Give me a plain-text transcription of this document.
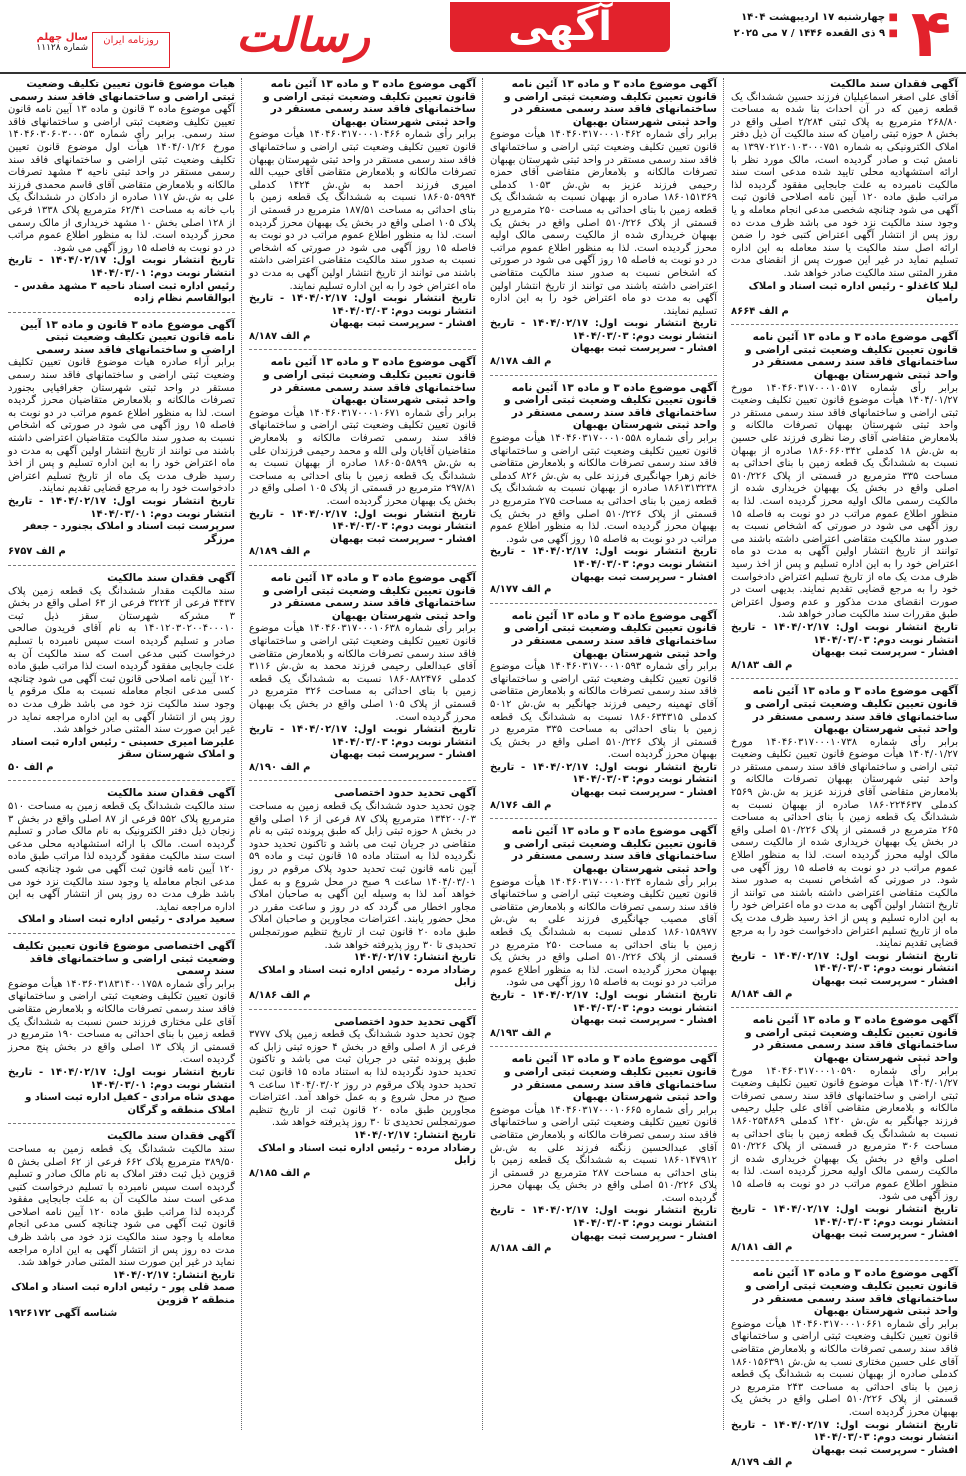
۴
■ چهارشنبه ۱۷ اردیبهشت ۱۴۰۴
■ ۹ ذی القعده ۱۴۴۶ / ۷ می ۲۰۲۵
آگهی
رسالت
روزنامه ایران
سال چهلم
شماره ۱۱۱۲۸
آگهی فقدان سند مالکیت
آقای علی اصغر اسماعیلیان فرزند حسین ششدانگ یک قطعه زمین که در آن احداث بنا شده به مساحت ۲۶۸/۸۰ مترمربع به پلاک ثبتی ۲/۲۸۴ اصلی واقع در بخش ۸ حوزه ثبتی رامیان که سند مالکیت آن ذیل دفتر املاک الکترونیکی به شماره ۱۳۹۷۰۲۱۲۰۱۰۳۰۰۰۷۵۱ به نامش ثبت و صادر گردیده است، مالک مورد نظر با ارائه استشهادیه محلی تایید شده مدعی است سند مالکیت نامبرده به علت جابجایی مفقود گردیده لذا مراتب طبق ماده ۱۲۰ آیین نامه اصلاحی قانون ثبت آگهی می شود چنانچه شخصی مدعی انجام معامله و یا وجود سند مالکیت نزد خود می باشد ظرف مدت ده روز پس از انتشار آگهی اعتراض کتبی خود را ضمن ارائه اصل سند مالکیت یا سند معامله به این اداره تسلیم نماید در غیر این صورت پس از انقضای مدت مقرر المثنی سند مالکیت صادر خواهد شد.
لیلا کاغذلو - رئیس اداره ثبت اسناد و املاک رامیان
م الف ۸۶۶۴
آگهی موضوع ماده ۳ و ماده ۱۳ آئین نامه قانون تعیین تکلیف وضعیت ثبتی اراضی و ساختمانهای فاقد سند رسمی مستقر در واحد ثبتی شهرستان بهبهان
برابر رأی شماره ۱۴۰۴۶۰۳۱۷۰۰۰۱۰۵۱۷ مورخ ۱۴۰۴/۰۱/۲۷ هیأت موضوع قانون تعیین تکلیف وضعیت ثبتی اراضی و ساختمانهای فاقد سند رسمی مستقر در واحد ثبتی شهرستان بهبهان تصرفات مالکانه و بلامعارض متقاضی آقای رضا نظری فرزند علی حسین به ش.ش ۱۸ کدملی ۱۸۶۰۶۶۰۳۴۲ صادره از بهبهان نسبت به ششدانگ یک قطعه زمین با بنای احداثی به مساحت ۳۳۵ مترمربع در قسمتی از پلاک ۵۱۰/۲۲۶ اصلی واقع در بخش یک بهبهان خریداری شده از مالکیت رسمی مالک اولیه محرز گردیده است. لذا به منظور اطلاع عموم مراتب در دو نوبت به فاصله ۱۵ روز آگهی می شود در صورتی که اشخاص نسبت به صدور سند مالکیت متقاضی اعتراضی داشته باشند می توانند از تاریخ انتشار اولین آگهی به مدت دو ماه اعتراض خود را به این اداره تسلیم و پس از اخذ رسید ظرف مدت یک ماه از تاریخ تسلیم اعتراض دادخواست خود را به مرجع قضایی تقدیم نمایند. بدیهی است در صورت انقضای مدت مذکور و عدم وصول اعتراض طبق مقررات سند مالکیت صادر خواهد شد.
تاریخ انتشار نوبت اول: ۱۴۰۴/۰۲/۱۷ - تاریخ انتشار نوبت دوم: ۱۴۰۴/۰۳/۰۳
افشار - سرپرست ثبت بهبهان
م الف ۸/۱۸۳
آگهی موضوع ماده ۳ و ماده ۱۳ آئین نامه قانون تعیین تکلیف وضعیت ثبتی اراضی و ساختمانهای فاقد سند رسمی مستقر در واحد ثبتی شهرستان بهبهان
برابر رأی شماره ۱۴۰۴۶۰۳۱۷۰۰۰۱۰۷۳۸ مورخ ۱۴۰۴/۰۱/۲۷ هیأت موضوع قانون تعیین تکلیف وضعیت ثبتی اراضی و ساختمانهای فاقد سند رسمی مستقر در واحد ثبتی شهرستان بهبهان تصرفات مالکانه و بلامعارض متقاضی آقای فرزند عزیز به ش.ش ۲۵۶۹ کدملی ۱۸۶۰۲۲۴۶۳۷ صادره از بهبهان نسبت به ششدانگ یک قطعه زمین با بنای احداثی به مساحت ۲۶۵ مترمربع در قسمتی از پلاک ۵۱۰/۲۲۶ اصلی واقع در بخش یک بهبهان خریداری شده از مالکیت رسمی مالک اولیه محرز گردیده است. لذا به منظور اطلاع عموم مراتب در دو نوبت به فاصله ۱۵ روز آگهی می شود. در صورتی که اشخاص نسبت به صدور سند مالکیت متقاضی اعتراضی داشته باشند می توانند از تاریخ انتشار اولین آگهی به مدت دو ماه اعتراض خود را به این اداره تسلیم و پس از اخذ رسید ظرف مدت یک ماه از تاریخ تسلیم اعتراض دادخواست خود را به مرجع قضایی تقدیم نمایند.
تاریخ انتشار نوبت اول: ۱۴۰۴/۰۲/۱۷ - تاریخ انتشار نوبت دوم: ۱۴۰۴/۰۳/۰۳
افشار - سرپرست ثبت بهبهان
م الف ۸/۱۸۴
آگهی موضوع ماده ۳ و ماده ۱۳ آئین نامه قانون تعیین تکلیف وضعیت ثبتی اراضی و ساختمانهای فاقد سند رسمی مستقر در واحد ثبتی شهرستان بهبهان
برابر رأی شماره ۱۴۰۴۶۰۳۱۷۰۰۰۱۰۵۹۰ مورخ ۱۴۰۴/۰۱/۲۷ هیأت موضوع قانون تعیین تکلیف وضعیت ثبتی اراضی و ساختمانهای فاقد سند رسمی تصرفات مالکانه و بلامعارض متقاضی آقای علی جلیل رحیمی فرزند جهانگیر به ش.ش ۱۴۲۰ کدملی ۱۸۶۰۲۵۴۸۶۹ نسبت به ششدانگ یک قطعه زمین با بنای احداثی به مساحت ۳۰۶ مترمربع در قسمتی از پلاک ۵۱۰/۲۲۶ اصلی واقع در بخش یک بهبهان خریداری شده از مالکیت رسمی مالک اولیه محرز گردیده است. لذا به منظور اطلاع عموم مراتب در دو نوبت به فاصله ۱۵ روز آگهی می شود.
تاریخ انتشار نوبت اول: ۱۴۰۴/۰۲/۱۷ - تاریخ انتشار نوبت دوم: ۱۴۰۴/۰۳/۰۳
افشار - سرپرست ثبت بهبهان
م الف ۸/۱۸۱
آگهی موضوع ماده ۳ و ماده ۱۳ آئین نامه قانون تعیین تکلیف وضعیت ثبتی اراضی و ساختمانهای فاقد سند رسمی مستقر در واحد ثبتی شهرستان بهبهان
برابر رأی شماره ۱۴۰۴۶۰۳۱۷۰۰۰۱۰۶۶۱ هیأت موضوع قانون تعیین تکلیف وضعیت ثبتی اراضی و ساختمانهای فاقد سند رسمی تصرفات مالکانه و بلامعارض متقاضی آقای علی حسین مختاری نسب به ش.ش ۱۸۶۰۱۵۶۳۹۱ کدملی صادره از بهبهان نسبت به ششدانگ یک قطعه زمین با بنای احداثی به مساحت ۲۴۳ مترمربع در قسمتی از پلاک ۵۱۰/۲۲۶ اصلی واقع در بخش یک بهبهان محرز گردیده است.
تاریخ انتشار نوبت اول: ۱۴۰۴/۰۲/۱۷ - تاریخ انتشار نوبت دوم: ۱۴۰۴/۰۳/۰۳
افشار - سرپرست ثبت بهبهان
م الف ۸/۱۷۹
آگهی موضوع ماده ۳ و ماده ۱۳ آئین نامه قانون تعیین تکلیف وضعیت ثبتی اراضی و ساختمانهای فاقد سند رسمی مستقر در واحد ثبتی شهرستان بهبهان
برابر رأی شماره ۱۴۰۴۶۰۳۱۷۰۰۰۱۰۴۶۲ هیأت موضوع قانون تعیین تکلیف وضعیت ثبتی اراضی و ساختمانهای فاقد سند رسمی مستقر در واحد ثبتی شهرستان بهبهان تصرفات مالکانه و بلامعارض متقاضی آقای حمزه رحیمی فرزند عزیز به ش.ش ۱۰۵۳ کدملی ۱۸۶۰۱۵۱۳۶۹ صادره از بهبهان نسبت به ششدانگ یک قطعه زمین با بنای احداثی به مساحت ۲۵۰ مترمربع در قسمتی از پلاک ۵۱۰/۲۲۶ اصلی واقع در بخش یک بهبهان خریداری شده از مالکیت رسمی مالک اولیه محرز گردیده است. لذا به منظور اطلاع عموم مراتب در دو نوبت به فاصله ۱۵ روز آگهی می شود در صورتی که اشخاص نسبت به صدور سند مالکیت متقاضی اعتراضی داشته باشند می توانند از تاریخ انتشار اولین آگهی به مدت دو ماه اعتراض خود را به این اداره تسلیم نمایند.
تاریخ انتشار نوبت اول: ۱۴۰۴/۰۲/۱۷ - تاریخ انتشار نوبت دوم: ۱۴۰۴/۰۳/۰۳
افشار - سرپرست ثبت بهبهان
م الف ۸/۱۷۸
آگهی موضوع ماده ۳ و ماده ۱۳ آئین نامه قانون تعیین تکلیف وضعیت ثبتی اراضی و ساختمانهای فاقد سند رسمی مستقر در واحد ثبتی شهرستان بهبهان
برابر رأی شماره ۱۴۰۴۶۰۳۱۷۰۰۰۱۰۵۵۸ هیأت موضوع قانون تعیین تکلیف وضعیت ثبتی اراضی و ساختمانهای فاقد سند رسمی تصرفات مالکانه و بلامعارض متقاضی خانم زهرا جهانگیری فرزند علی به ش.ش ۸۲۶ کدملی ۱۸۶۱۳۱۳۲۳۸ صادره از بهبهان نسبت به ششدانگ یک قطعه زمین با بنای احداثی به مساحت ۲۷۵ مترمربع در قسمتی از پلاک ۵۱۰/۲۲۶ اصلی واقع در بخش یک بهبهان محرز گردیده است. لذا به منظور اطلاع عموم مراتب در دو نوبت به فاصله ۱۵ روز آگهی می شود.
تاریخ انتشار نوبت اول: ۱۴۰۴/۰۲/۱۷ - تاریخ انتشار نوبت دوم: ۱۴۰۴/۰۳/۰۳
افشار - سرپرست ثبت بهبهان
م الف ۸/۱۷۷
آگهی موضوع ماده ۳ و ماده ۱۳ آئین نامه قانون تعیین تکلیف وضعیت ثبتی اراضی و ساختمانهای فاقد سند رسمی مستقر در واحد ثبتی شهرستان بهبهان
برابر رأی شماره ۱۴۰۴۶۰۳۱۷۰۰۰۱۰۵۹۳ هیأت موضوع قانون تعیین تکلیف وضعیت ثبتی اراضی و ساختمانهای فاقد سند رسمی تصرفات مالکانه و بلامعارض متقاضی آقای تهمینه رحیمی فرزند جهانگیر به ش.ش ۵۰۱۲ کدملی ۱۸۶۰۶۳۴۳۱۵ نسبت به ششدانگ یک قطعه زمین با بنای احداثی به مساحت ۳۳۵ مترمربع در قسمتی از پلاک ۵۱۰/۲۲۶ اصلی واقع در بخش یک بهبهان محرز گردیده است.
تاریخ انتشار نوبت اول: ۱۴۰۴/۰۲/۱۷ - تاریخ انتشار نوبت دوم: ۱۴۰۴/۰۳/۰۳
افشار - سرپرست ثبت بهبهان
م الف ۸/۱۷۶
آگهی موضوع ماده ۳ و ماده ۱۳ آئین نامه قانون تعیین تکلیف وضعیت ثبتی اراضی و ساختمانهای فاقد سند رسمی مستقر در واحد ثبتی شهرستان بهبهان
برابر رأی شماره ۱۴۰۴۶۰۳۱۷۰۰۰۱۰۴۲۴ هیأت موضوع قانون تعیین تکلیف وضعیت ثبتی اراضی و ساختمانهای فاقد سند رسمی تصرفات مالکانه و بلامعارض متقاضی آقای مصیب جهانگیری فرزند علی به ش.ش ۱۸۶۰۱۵۸۹۷۷ کدملی نسبت به ششدانگ یک قطعه زمین با بنای احداثی به مساحت ۲۵۰ مترمربع در قسمتی از پلاک ۵۱۰/۲۲۶ اصلی واقع در بخش یک بهبهان محرز گردیده است. لذا به منظور اطلاع عموم مراتب در دو نوبت به فاصله ۱۵ روز آگهی می شود.
تاریخ انتشار نوبت اول: ۱۴۰۴/۰۲/۱۷ - تاریخ انتشار نوبت دوم: ۱۴۰۴/۰۳/۰۳
افشار - سرپرست ثبت بهبهان
م الف ۸/۱۹۳
آگهی موضوع ماده ۳ و ماده ۱۳ آئین نامه قانون تعیین تکلیف وضعیت ثبتی اراضی و ساختمانهای فاقد سند رسمی مستقر در واحد ثبتی شهرستان بهبهان
برابر رأی شماره ۱۴۰۴۶۰۳۱۷۰۰۰۱۰۶۶۵ هیأت موضوع قانون تعیین تکلیف وضعیت ثبتی اراضی و ساختمانهای فاقد سند رسمی تصرفات مالکانه و بلامعارض متقاضی آقای عبدالحسین زنگنه فرزند علی به ش.ش ۱۸۶۰۱۴۷۹۱۲ نسبت به ششدانگ یک قطعه زمین با بنای احداثی به مساحت ۲۸۷ مترمربع در قسمتی از پلاک ۵۱۰/۲۲۶ اصلی واقع در بخش یک بهبهان محرز گردیده است.
تاریخ انتشار نوبت اول: ۱۴۰۴/۰۲/۱۷ - تاریخ انتشار نوبت دوم: ۱۴۰۴/۰۳/۰۳
افشار - سرپرست ثبت بهبهان
م الف ۸/۱۸۸
آگهی موضوع ماده ۳ و ماده ۱۳ آئین نامه قانون تعیین تکلیف وضعیت ثبتی اراضی و ساختمانهای فاقد سند رسمی مستقر در واحد ثبتی شهرستان بهبهان
برابر رأی شماره ۱۴۰۴۶۰۳۱۷۰۰۰۱۰۴۶۶ هیأت موضوع قانون تعیین تکلیف وضعیت ثبتی اراضی و ساختمانهای فاقد سند رسمی مستقر در واحد ثبتی شهرستان بهبهان تصرفات مالکانه و بلامعارض متقاضی آقای حبیب الله امیری فرزند احمد به ش.ش ۱۴۲۴ کدملی ۱۸۶۰۵۰۵۹۹۴ نسبت به ششدانگ یک قطعه زمین با بنای احداثی به مساحت ۱۸۷/۵۱ مترمربع در قسمتی از پلاک ۱۰۵ اصلی واقع در بخش یک بهبهان محرز گردیده است. لذا به منظور اطلاع عموم مراتب در دو نوبت به فاصله ۱۵ روز آگهی می شود در صورتی که اشخاص نسبت به صدور سند مالکیت متقاضی اعتراضی داشته باشند می توانند از تاریخ انتشار اولین آگهی به مدت دو ماه اعتراض خود را به این اداره تسلیم نمایند.
تاریخ انتشار نوبت اول: ۱۴۰۴/۰۲/۱۷ - تاریخ انتشار نوبت دوم: ۱۴۰۴/۰۳/۰۳
افشار - سرپرست ثبت بهبهان
م الف ۸/۱۸۷
آگهی موضوع ماده ۳ و ماده ۱۳ آئین نامه قانون تعیین تکلیف وضعیت ثبتی اراضی و ساختمانهای فاقد سند رسمی مستقر در واحد ثبتی شهرستان بهبهان
برابر رأی شماره ۱۴۰۴۶۰۳۱۷۰۰۰۱۰۶۷۱ هیأت موضوع قانون تعیین تکلیف وضعیت ثبتی اراضی و ساختمانهای فاقد سند رسمی تصرفات مالکانه و بلامعارض متقاضیان آقایان ولی الله و محمد رحیمی فرزندان علی به ش.ش ۱۸۶۰۵۰۵۸۹۹ صادره از بهبهان نسبت به ششدانگ یک قطعه زمین با بنای احداثی به مساحت ۲۹۷/۸۱ مترمربع در قسمتی از پلاک ۱۰۵ اصلی واقع در بخش یک بهبهان محرز گردیده است.
تاریخ انتشار نوبت اول: ۱۴۰۴/۰۲/۱۷ - تاریخ انتشار نوبت دوم: ۱۴۰۴/۰۳/۰۳
افشار - سرپرست ثبت بهبهان
م الف ۸/۱۸۹
آگهی موضوع ماده ۳ و ماده ۱۳ آئین نامه قانون تعیین تکلیف وضعیت ثبتی اراضی و ساختمانهای فاقد سند رسمی مستقر در واحد ثبتی شهرستان بهبهان
برابر رأی شماره ۱۴۰۴۶۰۳۱۷۰۰۰۱۰۶۳۸ هیأت موضوع قانون تعیین تکلیف وضعیت ثبتی اراضی و ساختمانهای فاقد سند رسمی تصرفات مالکانه و بلامعارض متقاضی آقای عبدالعلی رحیمی فرزند محمد به ش.ش ۳۱۱۶ کدملی ۱۸۶۰۸۸۲۴۷۶ نسبت به ششدانگ یک قطعه زمین با بنای احداثی به مساحت ۳۲۶ مترمربع در قسمتی از پلاک ۱۰۵ اصلی واقع در بخش یک بهبهان محرز گردیده است.
تاریخ انتشار نوبت اول: ۱۴۰۴/۰۲/۱۷ - تاریخ انتشار نوبت دوم: ۱۴۰۴/۰۳/۰۳
افشار - سرپرست ثبت بهبهان
م الف ۸/۱۹۰
آگهی تحدید حدود اختصاصی
چون تحدید حدود ششدانگ یک قطعه زمین به مساحت ۱۳۴۲۰۰/۰۳ مترمربع پلاک ۸۷ فرعی از ۱۶ اصلی واقع در بخش ۸ حوزه ثبتی زابل که طبق پرونده ثبتی به نام متقاضی در جریان ثبت می باشد و تاکنون تحدید حدود نگردیده لذا به استناد ماده ۱۵ قانون ثبت و ماده ۵۹ آیین نامه قانون ثبت تحدید حدود پلاک مرقوم در روز ۱۴۰۴/۰۳/۰۱ ساعت ۹ صبح در محل شروع و به عمل خواهد آمد لذا به وسیله این آگهی به صاحبان املاک مجاور اخطار می گردد که در روز و ساعت مقرر در محل حضور یابند. اعتراضات مجاورین و صاحبان املاک طبق ماده ۲۰ قانون ثبت از تاریخ تنظیم صورتمجلس تحدیدی تا ۳۰ روز پذیرفته خواهد شد.
تاریخ انتشار: ۱۴۰۴/۰۲/۱۷
رضاداد مرده - رئیس اداره ثبت اسناد و املاک زابل
م الف ۸/۱۸۶
آگهی تحدید حدود اختصاصی
چون تحدید حدود ششدانگ یک قطعه زمین پلاک ۳۷۷۷ فرعی از ۸ اصلی واقع در بخش ۴ حوزه ثبتی زابل که طبق پرونده ثبتی در جریان ثبت می باشد و تاکنون تحدید حدود نگردیده لذا به استناد ماده ۱۵ قانون ثبت تحدید حدود پلاک مرقوم در روز ۱۴۰۴/۰۳/۰۲ ساعت ۹ صبح در محل شروع و به عمل خواهد آمد. اعتراضات مجاورین طبق ماده ۲۰ قانون ثبت از تاریخ تنظیم صورتمجلس تحدیدی تا ۳۰ روز پذیرفته خواهد شد.
تاریخ انتشار: ۱۴۰۴/۰۲/۱۷
رضاداد مرده - رئیس اداره ثبت اسناد و املاک زابل
م الف ۸/۱۸۵
هیات موضوع قانون تعیین تکلیف وضعیت ثبتی اراضی و ساختمانهای فاقد سند رسمی
آگهی موضوع ماده ۳ قانون و ماده ۱۳ آیین نامه قانون تعیین تکلیف وضعیت ثبتی اراضی و ساختمانهای فاقد سند رسمی. برابر رأی شماره ۱۴۰۴۶۰۳۰۶۰۳۰۰۰۵۳ مورخ ۱۴۰۴/۰۱/۲۶ هیأت اول موضوع قانون تعیین تکلیف وضعیت ثبتی اراضی و ساختمانهای فاقد سند رسمی مستقر در واحد ثبتی ناحیه ۳ مشهد تصرفات مالکانه و بلامعارض متقاضی آقای قاسم محمدی فرزند علی به ش.ش ۱۱۷ صادره از دادکان در ششدانگ یک باب خانه به مساحت ۶۲/۴۱ مترمربع پلاک ۱۳۳۸ فرعی از ۱۲۸ اصلی بخش ۱۰ مشهد خریداری از مالک رسمی محرز گردیده است. لذا به منظور اطلاع عموم مراتب در دو نوبت به فاصله ۱۵ روز آگهی می شود.
تاریخ انتشار نوبت اول: ۱۴۰۴/۰۲/۱۷ - تاریخ انتشار نوبت دوم: ۱۴۰۴/۰۳/۰۱
رئیس اداره ثبت اسناد ناحیه ۳ مشهد مقدس - ابوالقاسم نظام زاده
آگهی موضوع ماده ۳ قانون و ماده ۱۳ آیین نامه قانون تعیین تکلیف وضعیت ثبتی اراضی و ساختمانهای فاقد سند رسمی
برابر آراء صادره هیات موضوع قانون تعیین تکلیف وضعیت ثبتی اراضی و ساختمانهای فاقد سند رسمی مستقر در واحد ثبتی شهرستان جغرافیایی بجنورد تصرفات مالکانه و بلامعارض متقاضیان محرز گردیده است. لذا به منظور اطلاع عموم مراتب در دو نوبت به فاصله ۱۵ روز آگهی می شود در صورتی که اشخاص نسبت به صدور سند مالکیت متقاضیان اعتراضی داشته باشند می توانند از تاریخ انتشار اولین آگهی به مدت دو ماه اعتراض خود را به این اداره تسلیم و پس از اخذ رسید ظرف مدت یک ماه از تاریخ تسلیم اعتراض دادخواست خود را به مرجع قضایی تقدیم نمایند.
تاریخ انتشار نوبت اول: ۱۴۰۴/۰۲/۱۷ - تاریخ انتشار نوبت دوم: ۱۴۰۴/۰۳/۰۱
سرپرست ثبت اسناد و املاک بجنورد - جعفر مرزگر
م الف ۶۷۵۷
آگهی فقدان سند مالکیت
سند مالکیت مقدار ششدانگ یک قطعه زمین پلاک ۴۴۳۷ فرعی از ۳۲۲۴ فرعی از ۶۳ اصلی واقع در بخش ۳ مشرکه شهرستان سقز ذیل ثبت ۱۴۰۱۲۰۳۰۲۰۰۴۰۰۰۱۰ به نام آقای فریدون صالحی صادر و تسلیم گردیده است سپس نامبرده با تسلیم درخواست کتبی مدعی است که سند مالکیت آن به علت جابجایی مفقود گردیده است لذا مراتب طبق ماده ۱۲۰ آیین نامه اصلاحی قانون ثبت آگهی می شود چنانچه کسی مدعی انجام معامله نسبت به ملک مرقوم یا وجود سند مالکیت نزد خود می باشد ظرف مدت ده روز پس از انتشار آگهی به این اداره مراجعه نماید در غیر این صورت سند المثنی صادر خواهد شد.
علیرضا امیری حسینی - رئیس اداره ثبت اسناد و املاک شهرستان سقز
م الف ۵۰
آگهی فقدان سند مالکیت
سند مالکیت ششدانگ یک قطعه زمین به مساحت ۵۱۰ مترمربع پلاک ۵۵۲ فرعی از ۸۷ اصلی واقع در بخش ۳ زنجان ذیل دفتر الکترونیک به نام مالک صادر و تسلیم گردیده است. مالک با ارائه استشهادیه محلی مدعی است سند مالکیت مفقود گردیده لذا مراتب طبق ماده ۱۲۰ آیین نامه قانون ثبت آگهی می شود چنانچه کسی مدعی انجام معامله یا وجود سند مالکیت نزد خود می باشد ظرف مدت ده روز پس از انتشار آگهی به این اداره مراجعه نماید.
سعید مرادی - رئیس اداره ثبت اسناد و املاک
آگهی اختصاصی موضوع قانون تعیین تکلیف وضعیت ثبتی اراضی و ساختمانهای فاقد سند رسمی
برابر رأی شماره ۱۴۰۳۶۰۳۱۸۳۱۴۰۰۱۷۵۸ هیأت موضوع قانون تعیین تکلیف وضعیت ثبتی اراضی و ساختمانهای فاقد سند رسمی تصرفات مالکانه و بلامعارض متقاضی آقای علی مختاری فرزند حسن نسبت به ششدانگ یک قطعه زمین با بنای احداثی به مساحت ۱۹۰ مترمربع در قسمتی از پلاک ۱۳ اصلی واقع در بخش پنج محرز گردیده است.
تاریخ انتشار نوبت اول: ۱۴۰۴/۰۲/۱۷ - تاریخ انتشار نوبت دوم: ۱۴۰۴/۰۳/۰۱
مهدی شاه مرادی - کفیل اداره ثبت اسناد و املاک منطقه و گرگان
آگهی فقدان سند مالکیت
سند مالکیت ششدانگ یک قطعه زمین به مساحت ۳۸۹/۵۰ مترمربع پلاک ۶۶۲ فرعی از ۶۲ اصلی بخش ۵ قزوین ذیل ثبت دفتر املاک به نام مالک صادر و تسلیم گردیده است سپس نامبرده با تسلیم درخواست کتبی مدعی است سند مالکیت آن به علت جابجایی مفقود گردیده لذا مراتب طبق ماده ۱۲۰ آیین نامه اصلاحی قانون ثبت آگهی می شود چنانچه کسی مدعی انجام معامله یا وجود سند مالکیت نزد خود می باشد ظرف مدت ده روز پس از انتشار آگهی به این اداره مراجعه نماید در غیر این صورت سند المثنی صادر خواهد شد.
تاریخ انتشار: ۱۴۰۴/۰۲/۱۷
صمد قلی پور - رئیس اداره ثبت اسناد و املاک منطقه ۲ قزوین
شناسه آگهی ۱۹۲۶۱۷۲
